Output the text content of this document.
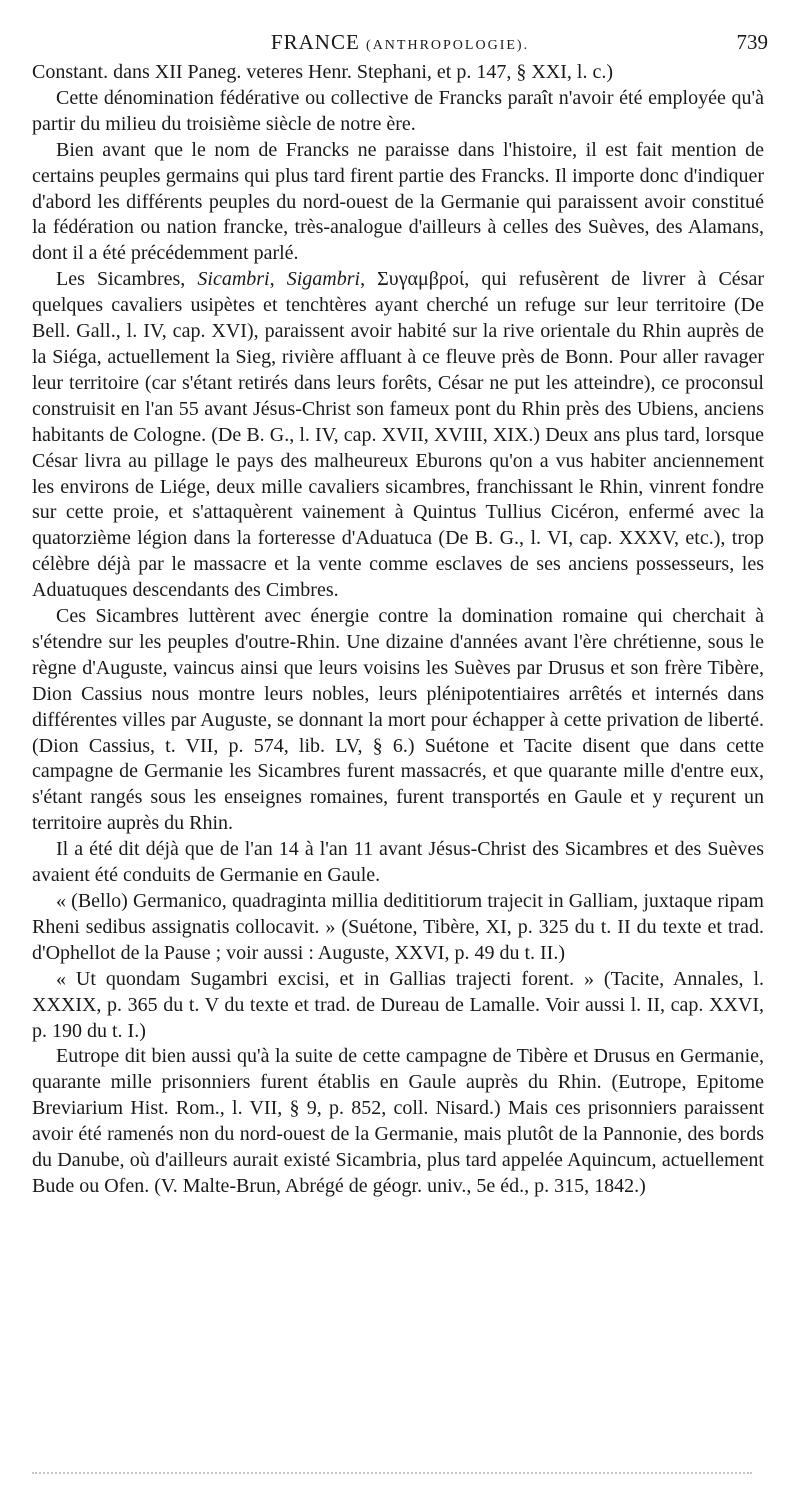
FRANCE (ANTHROPOLOGIE).	739

Constant. dans XII Paneg. veteres Henr. Stephani, et p. 147, § XXI, l. c.)

Cette dénomination fédérative ou collective de Francks paraît n'avoir été employée qu'à partir du milieu du troisième siècle de notre ère.

Bien avant que le nom de Francks ne paraisse dans l'histoire, il est fait mention de certains peuples germains qui plus tard firent partie des Francks. Il importe donc d'indiquer d'abord les différents peuples du nord-ouest de la Germanie qui paraissent avoir constitué la fédération ou nation francke, très-analogue d'ailleurs à celles des Suèves, des Alamans, dont il a été précédemment parlé.

Les Sicambres, Sicambri, Sigambri, Συγαμβροί, qui refusèrent de livrer à César quelques cavaliers usipètes et tenchtères ayant cherché un refuge sur leur territoire (De Bell. Gall., l. IV, cap. XVI), paraissent avoir habité sur la rive orientale du Rhin auprès de la Siéga, actuellement la Sieg, rivière affluant à ce fleuve près de Bonn. Pour aller ravager leur territoire (car s'étant retirés dans leurs forêts, César ne put les atteindre), ce proconsul construisit en l'an 55 avant Jésus-Christ son fameux pont du Rhin près des Ubiens, anciens habitants de Cologne. (De B. G., l. IV, cap. XVII, XVIII, XIX.) Deux ans plus tard, lorsque César livra au pillage le pays des malheureux Eburons qu'on a vus habiter anciennement les environs de Liége, deux mille cavaliers sicambres, franchissant le Rhin, vinrent fondre sur cette proie, et s'attaquèrent vainement à Quintus Tullius Cicéron, enfermé avec la quatorzième légion dans la forteresse d'Aduatuca (De B. G., l. VI, cap. XXXV, etc.), trop célèbre déjà par le massacre et la vente comme esclaves de ses anciens possesseurs, les Aduatuques descendants des Cimbres.

Ces Sicambres luttèrent avec énergie contre la domination romaine qui cherchait à s'étendre sur les peuples d'outre-Rhin. Une dizaine d'années avant l'ère chrétienne, sous le règne d'Auguste, vaincus ainsi que leurs voisins les Suèves par Drusus et son frère Tibère, Dion Cassius nous montre leurs nobles, leurs plénipotentiaires arrêtés et internés dans différentes villes par Auguste, se donnant la mort pour échapper à cette privation de liberté. (Dion Cassius, t. VII, p. 574, lib. LV, § 6.) Suétone et Tacite disent que dans cette campagne de Germanie les Sicambres furent massacrés, et que quarante mille d'entre eux, s'étant rangés sous les enseignes romaines, furent transportés en Gaule et y reçurent un territoire auprès du Rhin.

Il a été dit déjà que de l'an 14 à l'an 11 avant Jésus-Christ des Sicambres et des Suèves avaient été conduits de Germanie en Gaule.

« (Bello) Germanico, quadraginta millia dedititiorum trajecit in Galliam, juxtaque ripam Rheni sedibus assignatis collocavit. » (Suétone, Tibère, XI, p. 325 du t. II du texte et trad. d'Ophellot de la Pause ; voir aussi : Auguste, XXVI, p. 49 du t. II.)

« Ut quondam Sugambri excisi, et in Gallias trajecti forent. » (Tacite, Annales, l. XXXIX, p. 365 du t. V du texte et trad. de Dureau de Lamalle. Voir aussi l. II, cap. XXVI, p. 190 du t. I.)

Eutrope dit bien aussi qu'à la suite de cette campagne de Tibère et Drusus en Germanie, quarante mille prisonniers furent établis en Gaule auprès du Rhin. (Eutrope, Epitome Breviarium Hist. Rom., l. VII, § 9, p. 852, coll. Nisard.) Mais ces prisonniers paraissent avoir été ramenés non du nord-ouest de la Germanie, mais plutôt de la Pannonie, des bords du Danube, où d'ailleurs aurait existé Sicambria, plus tard appelée Aquincum, actuellement Bude ou Ofen. (V. Malte-Brun, Abrégé de géogr. univ., 5e éd., p. 315, 1842.)
